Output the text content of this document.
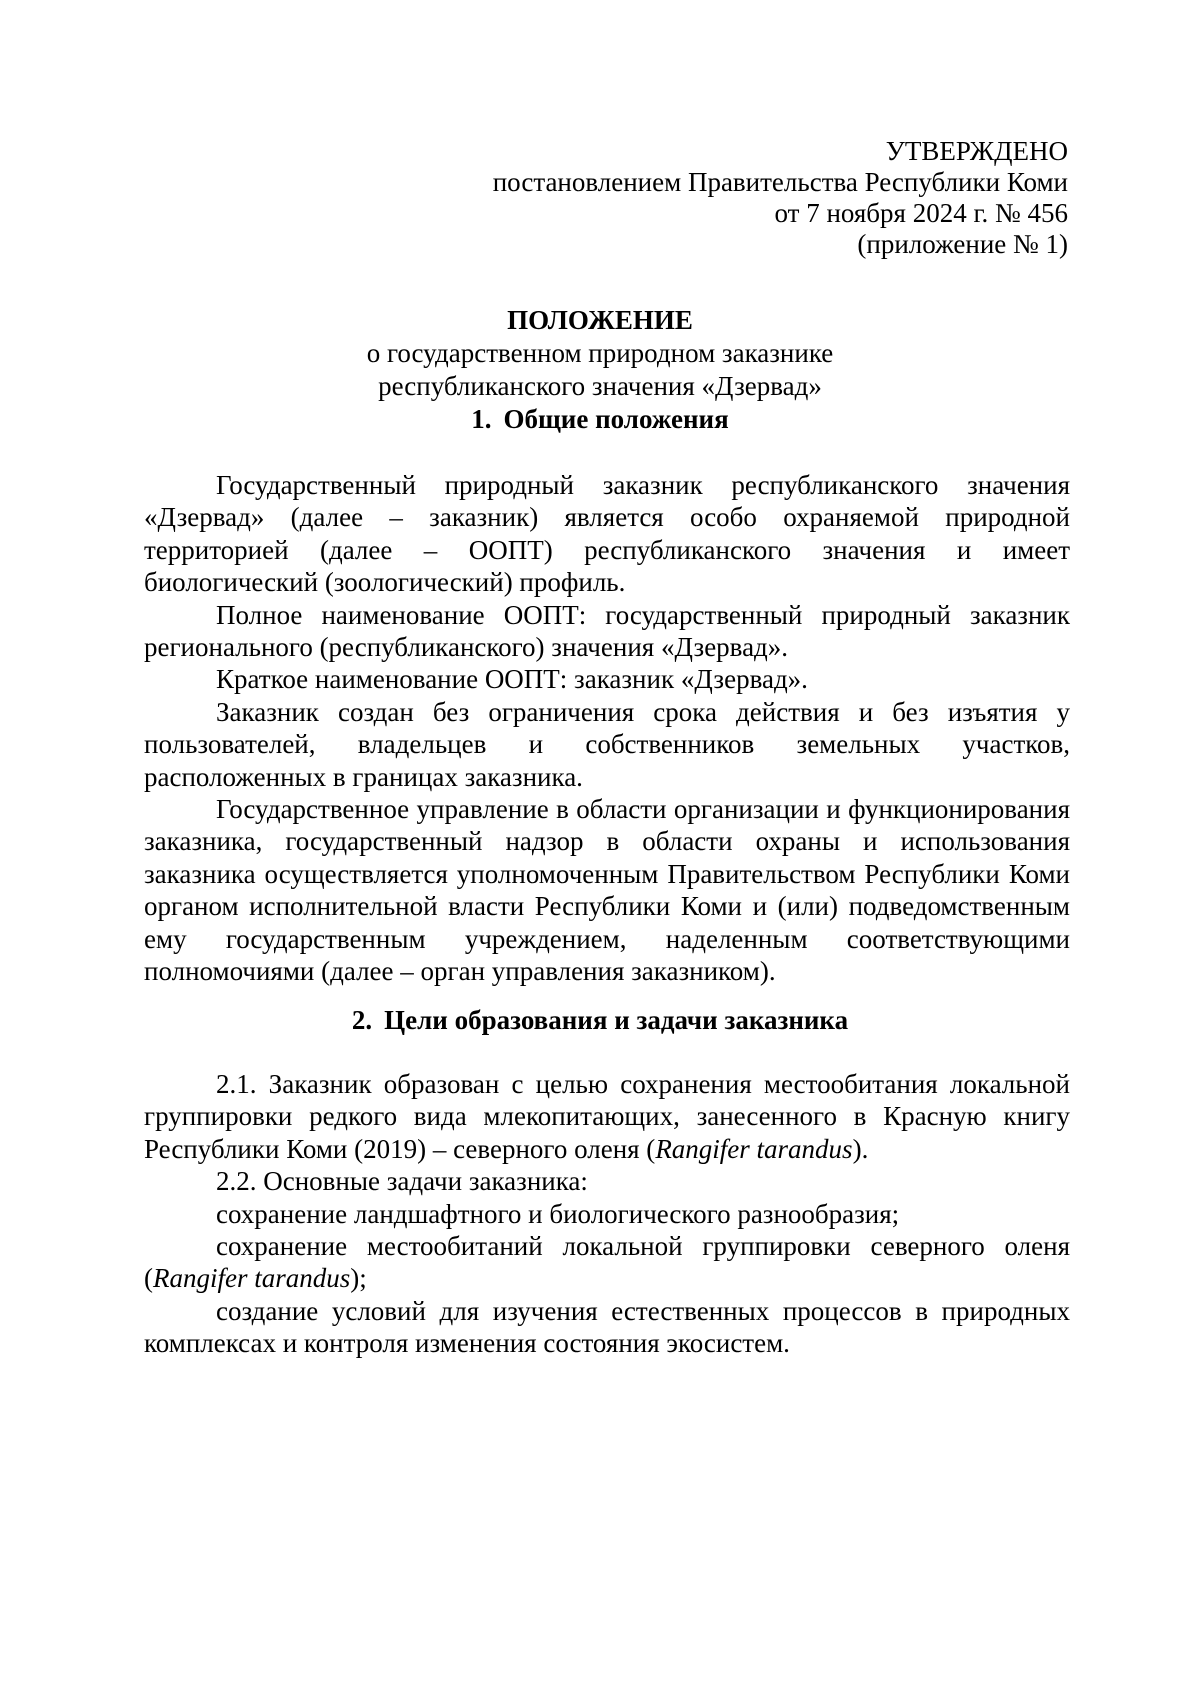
УТВЕРЖДЕНО
постановлением Правительства Республики Коми
от 7 ноября 2024 г. № 456
(приложение № 1)
ПОЛОЖЕНИЕ
о государственном природном заказнике
республиканского значения «Дзервад»
1. Общие положения

Государственный природный заказник республиканского значения «Дзервад» (далее – заказник) является особо охраняемой природной территорией (далее – ООПТ) республиканского значения и имеет биологический (зоологический) профиль.

Полное наименование ООПТ: государственный природный заказник регионального (республиканского) значения «Дзервад».

Краткое наименование ООПТ: заказник «Дзервад».

Заказник создан без ограничения срока действия и без изъятия у пользователей, владельцев и собственников земельных участков, расположенных в границах заказника.

Государственное управление в области организации и функционирования заказника, государственный надзор в области охраны и использования заказника осуществляется уполномоченным Правительством Республики Коми органом исполнительной власти Республики Коми и (или) подведомственным ему государственным учреждением, наделенным соответствующими полномочиями (далее – орган управления заказником).

2. Цели образования и задачи заказника

2.1. Заказник образован с целью сохранения местообитания локальной группировки редкого вида млекопитающих, занесенного в Красную книгу Республики Коми (2019) – северного оленя (Rangifer tarandus).

2.2. Основные задачи заказника:

сохранение ландшафтного и биологического разнообразия;

сохранение местообитаний локальной группировки северного оленя (Rangifer tarandus);

создание условий для изучения естественных процессов в природных комплексах и контроля изменения состояния экосистем.
